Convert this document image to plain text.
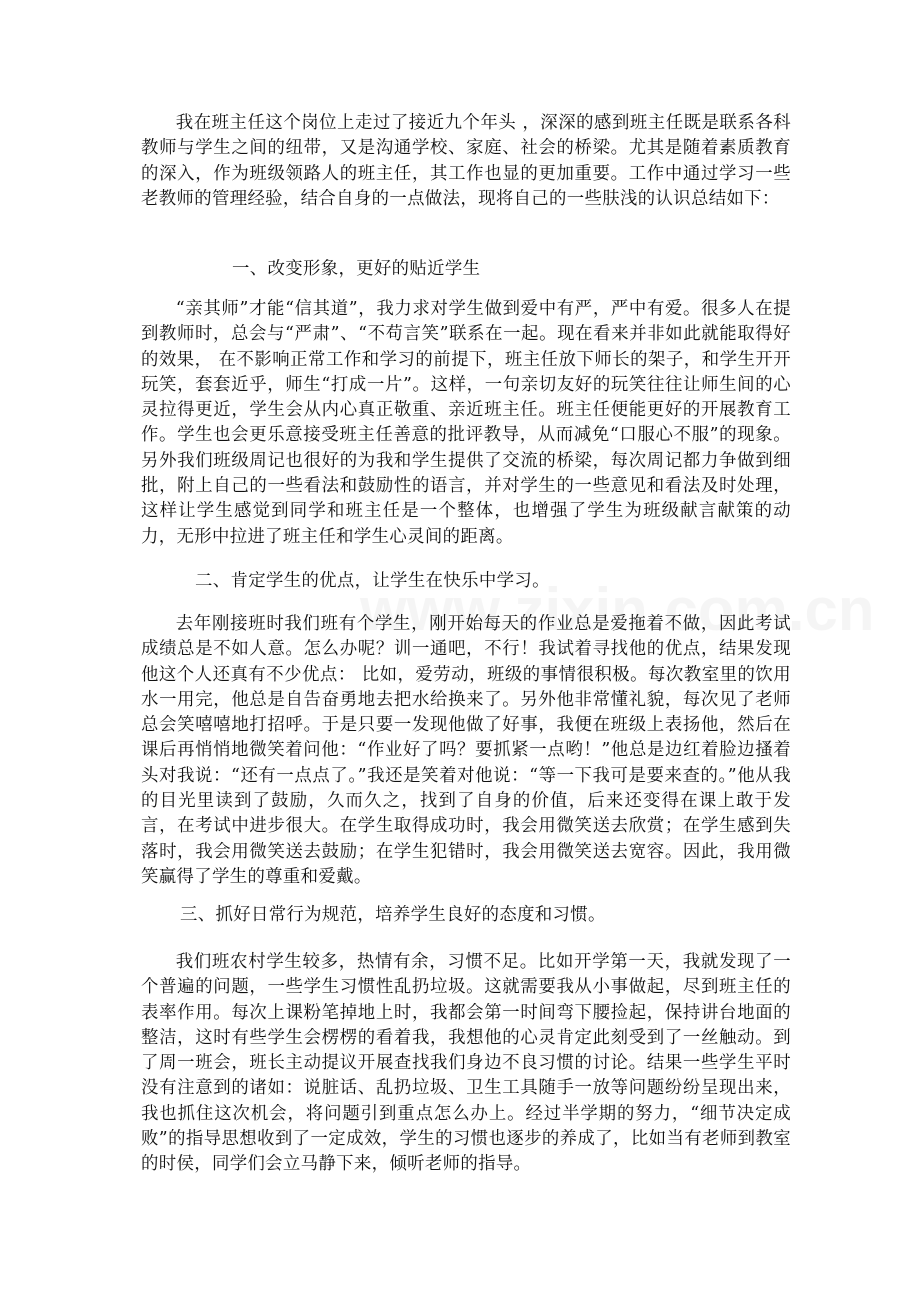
我在班主任这个岗位上走过了接近九个年头 ，深深的感到班主任既是联系各科教师与学生之间的纽带，又是沟通学校、家庭、社会的桥梁。尤其是随着素质教育的深入，作为班级领路人的班主任，其工作也显的更加重要。工作中通过学习一些老教师的管理经验，结合自身的一点做法，现将自己的一些肤浅的认识总结如下：

一、改变形象，更好的贴近学生

“亲其师”才能“信其道”，我力求对学生做到爱中有严，严中有爱。很多人在提到教师时，总会与“严肃”、“不苟言笑”联系在一起。现在看来并非如此就能取得好的效果， 在不影响正常工作和学习的前提下，班主任放下师长的架子，和学生开开玩笑，套套近乎，师生“打成一片”。这样，一句亲切友好的玩笑往往让师生间的心灵拉得更近，学生会从内心真正敬重、亲近班主任。班主任便能更好的开展教育工作。学生也会更乐意接受班主任善意的批评教导，从而减免“口服心不服”的现象。另外我们班级周记也很好的为我和学生提供了交流的桥梁，每次周记都力争做到细批，附上自己的一些看法和鼓励性的语言，并对学生的一些意见和看法及时处理，这样让学生感觉到同学和班主任是一个整体，也增强了学生为班级献言献策的动力，无形中拉进了班主任和学生心灵间的距离。

二、肯定学生的优点，让学生在快乐中学习。

去年刚接班时我们班有个学生，刚开始每天的作业总是爱拖着不做，因此考试成绩总是不如人意。怎么办呢？训一通吧，不行！我试着寻找他的优点，结果发现他这个人还真有不少优点： 比如，爱劳动，班级的事情很积极。每次教室里的饮用水一用完，他总是自告奋勇地去把水给换来了。另外他非常懂礼貌，每次见了老师总会笑嘻嘻地打招呼。于是只要一发现他做了好事，我便在班级上表扬他，然后在课后再悄悄地微笑着问他：“作业好了吗？要抓紧一点哟！”他总是边红着脸边搔着头对我说：“还有一点点了。”我还是笑着对他说：“等一下我可是要来查的。”他从我的目光里读到了鼓励，久而久之，找到了自身的价值，后来还变得在课上敢于发言，在考试中进步很大。在学生取得成功时，我会用微笑送去欣赏；在学生感到失落时，我会用微笑送去鼓励；在学生犯错时，我会用微笑送去宽容。因此，我用微笑赢得了学生的尊重和爱戴。

三、抓好日常行为规范，培养学生良好的态度和习惯。

我们班农村学生较多，热情有余，习惯不足。比如开学第一天，我就发现了一个普遍的问题，一些学生习惯性乱扔垃圾。这就需要我从小事做起，尽到班主任的表率作用。每次上课粉笔掉地上时，我都会第一时间弯下腰捡起，保持讲台地面的整洁，这时有些学生会楞楞的看着我，我想他的心灵肯定此刻受到了一丝触动。到了周一班会，班长主动提议开展查找我们身边不良习惯的讨论。结果一些学生平时没有注意到的诸如：说脏话、乱扔垃圾、卫生工具随手一放等问题纷纷呈现出来，我也抓住这次机会，将问题引到重点怎么办上。经过半学期的努力，“细节决定成败”的指导思想收到了一定成效，学生的习惯也逐步的养成了，比如当有老师到教室的时侯，同学们会立马静下来，倾听老师的指导。
